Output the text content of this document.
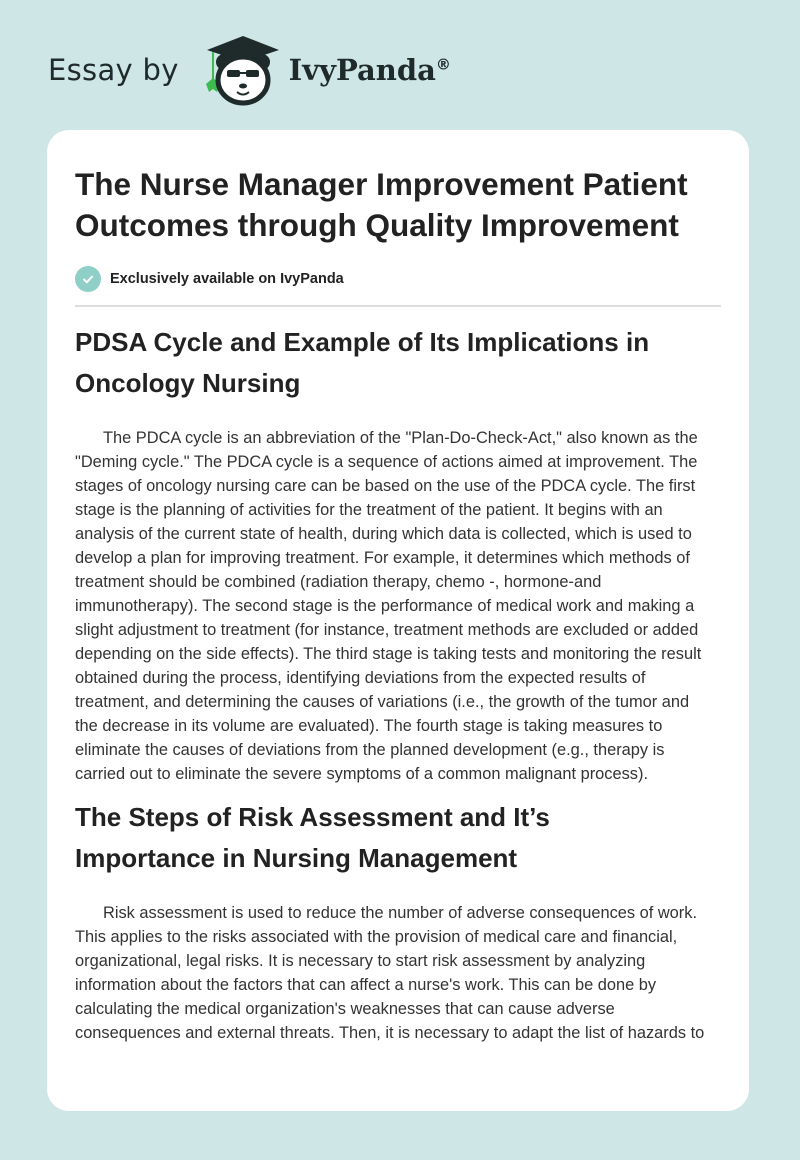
Essay by	IvyPanda®
The Nurse Manager Improvement Patient
Outcomes through Quality Improvement
Exclusively available on IvyPanda
PDSA Cycle and Example of Its Implications in
Oncology Nursing
The PDCA cycle is an abbreviation of the "Plan-Do-Check-Act," also known as the
"Deming cycle." The PDCA cycle is a sequence of actions aimed at improvement. The
stages of oncology nursing care can be based on the use of the PDCA cycle. The first
stage is the planning of activities for the treatment of the patient. It begins with an
analysis of the current state of health, during which data is collected, which is used to
develop a plan for improving treatment. For example, it determines which methods of
treatment should be combined (radiation therapy, chemo -, hormone-and
immunotherapy). The second stage is the performance of medical work and making a
slight adjustment to treatment (for instance, treatment methods are excluded or added
depending on the side effects). The third stage is taking tests and monitoring the result
obtained during the process, identifying deviations from the expected results of
treatment, and determining the causes of variations (i.e., the growth of the tumor and
the decrease in its volume are evaluated). The fourth stage is taking measures to
eliminate the causes of deviations from the planned development (e.g., therapy is
carried out to eliminate the severe symptoms of a common malignant process).
The Steps of Risk Assessment and It’s
Importance in Nursing Management
Risk assessment is used to reduce the number of adverse consequences of work.
This applies to the risks associated with the provision of medical care and financial,
organizational, legal risks. It is necessary to start risk assessment by analyzing
information about the factors that can affect a nurse's work. This can be done by
calculating the medical organization's weaknesses that can cause adverse
consequences and external threats. Then, it is necessary to adapt the list of hazards to
